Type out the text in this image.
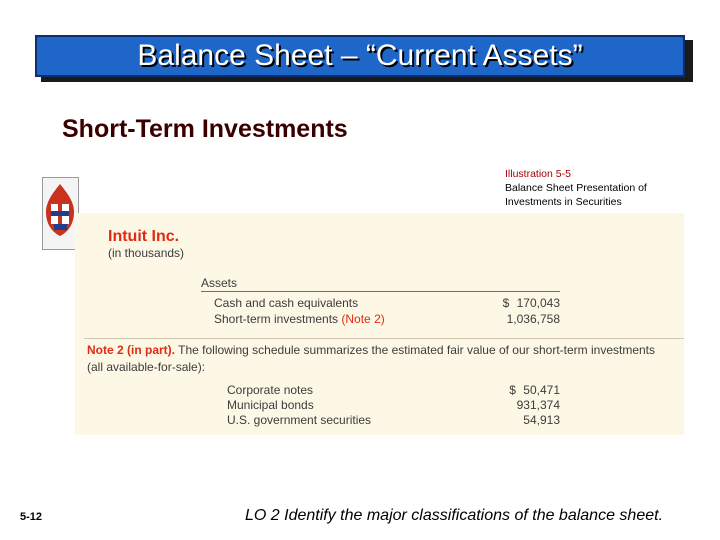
Balance Sheet – “Current Assets”
Short-Term Investments
Illustration 5-5
Balance Sheet Presentation of
Investments in Securities
Intuit Inc.
(in thousands)
Assets
Cash and cash equivalents	$ 170,043
Short-term investments (Note 2)	1,036,758
Note 2 (in part). The following schedule summarizes the estimated fair value of our short-term investments (all available-for-sale):
Corporate notes	$ 50,471
Municipal bonds	931,374
U.S. government securities	54,913
5-12	LO 2 Identify the major classifications of the balance sheet.
